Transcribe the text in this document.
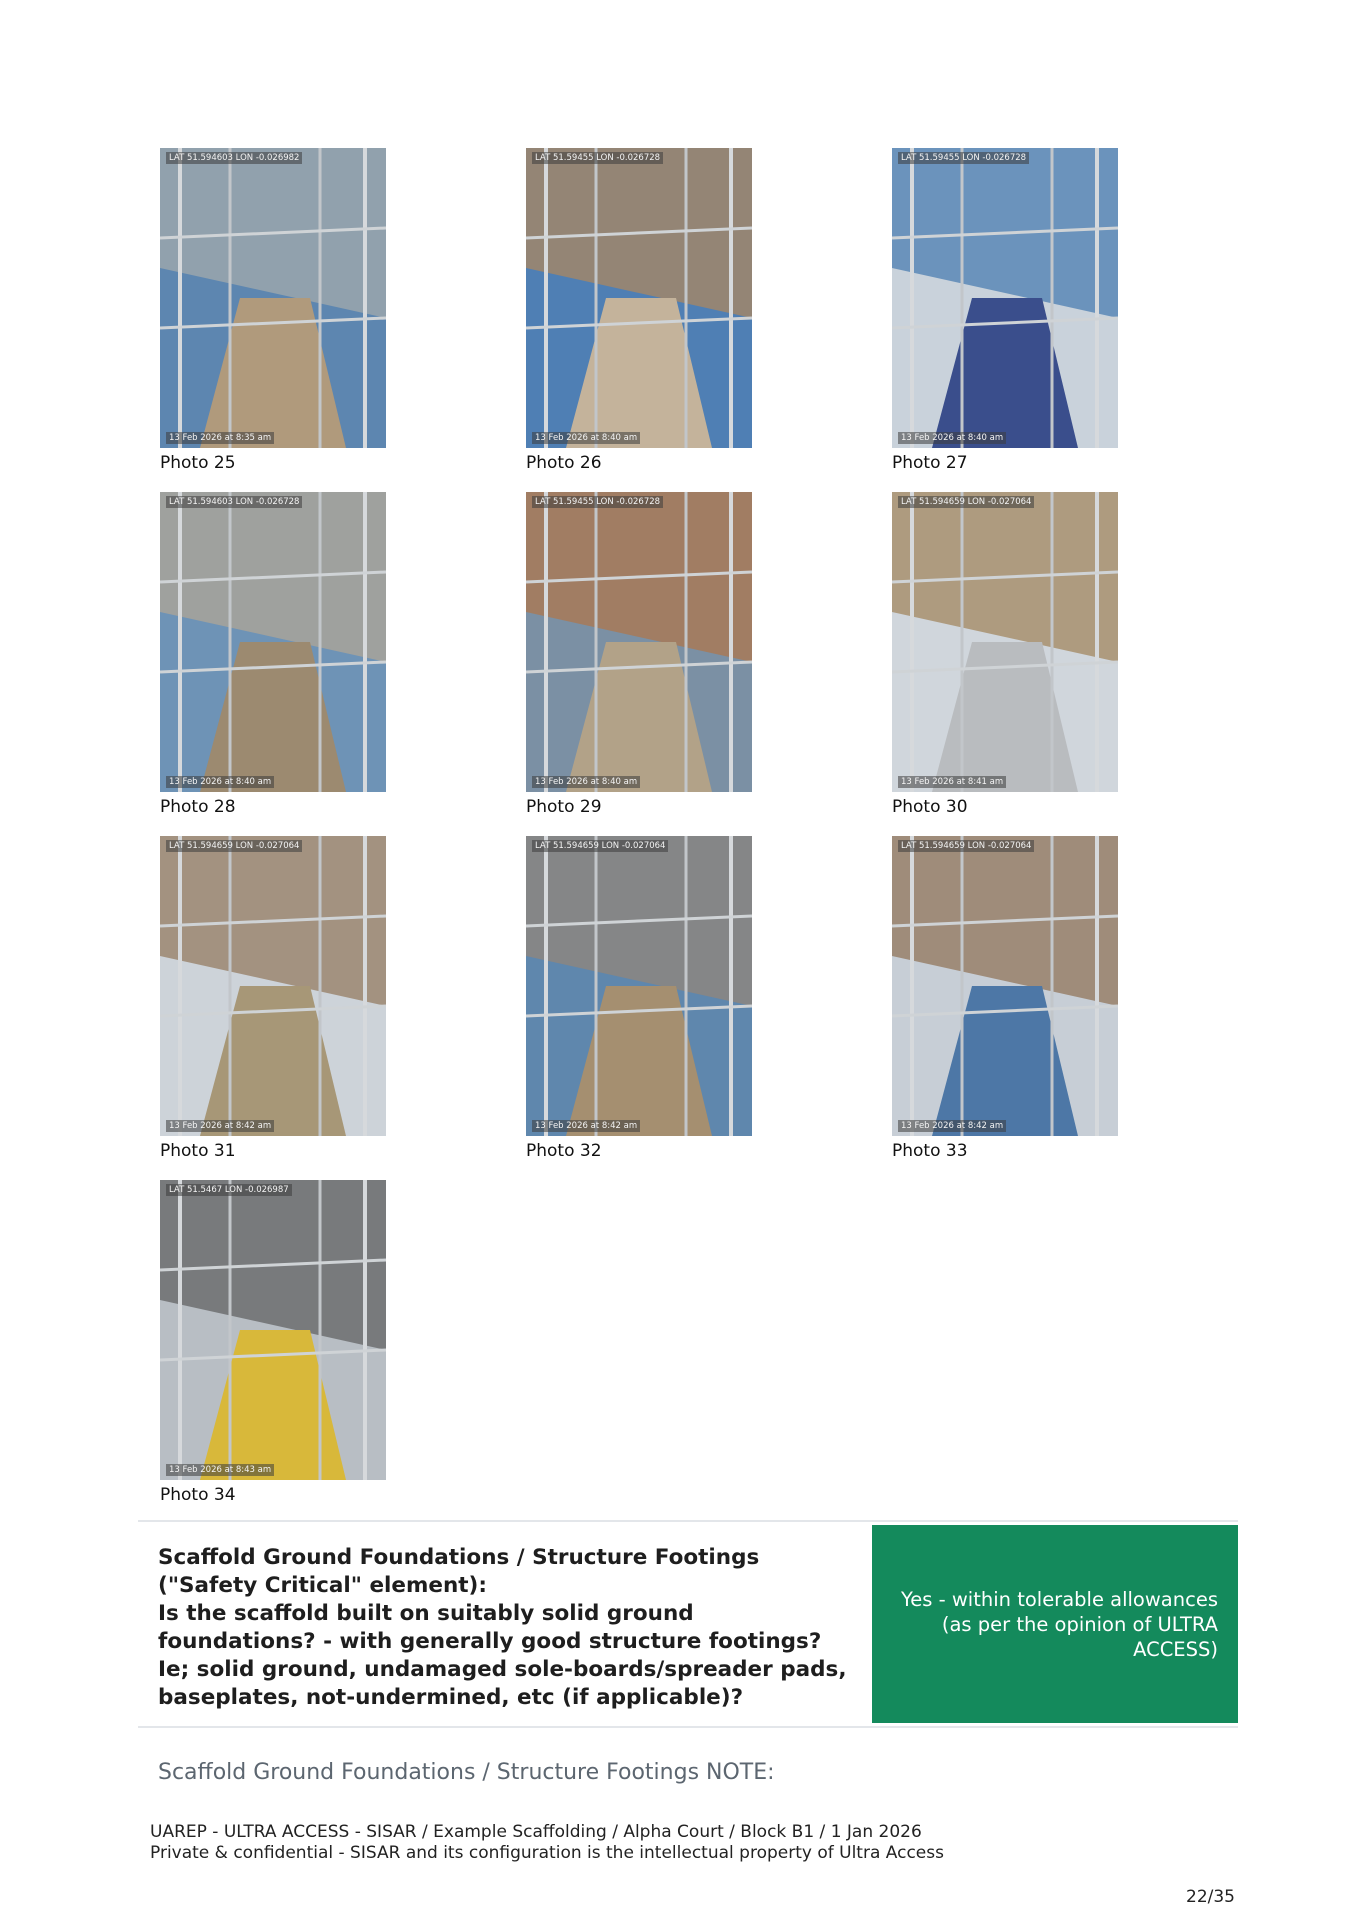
LAT 51.594603 LON -0.026982
13 Feb 2026 at 8:35 am
Photo 25
LAT 51.59455 LON -0.026728
13 Feb 2026 at 8:40 am
Photo 26
LAT 51.59455 LON -0.026728
13 Feb 2026 at 8:40 am
Photo 27
LAT 51.594603 LON -0.026728
13 Feb 2026 at 8:40 am
Photo 28
LAT 51.59455 LON -0.026728
13 Feb 2026 at 8:40 am
Photo 29
LAT 51.594659 LON -0.027064
13 Feb 2026 at 8:41 am
Photo 30
LAT 51.594659 LON -0.027064
13 Feb 2026 at 8:42 am
Photo 31
LAT 51.594659 LON -0.027064
13 Feb 2026 at 8:42 am
Photo 32
LAT 51.594659 LON -0.027064
13 Feb 2026 at 8:42 am
Photo 33
LAT 51.5467 LON -0.026987
13 Feb 2026 at 8:43 am
Photo 34
Scaffold Ground Foundations / Structure Footings ("Safety Critical" element):
Is the scaffold built on suitably solid ground foundations? - with generally good structure footings?
Ie; solid ground, undamaged sole-boards/spreader pads, baseplates, not-undermined, etc (if applicable)?
Yes - within tolerable allowances (as per the opinion of ULTRA ACCESS)
Scaffold Ground Foundations / Structure Footings NOTE:
UAREP - ULTRA ACCESS - SISAR / Example Scaffolding / Alpha Court / Block B1 / 1 Jan 2026
Private & confidential - SISAR and its configuration is the intellectual property of Ultra Access
22/35
